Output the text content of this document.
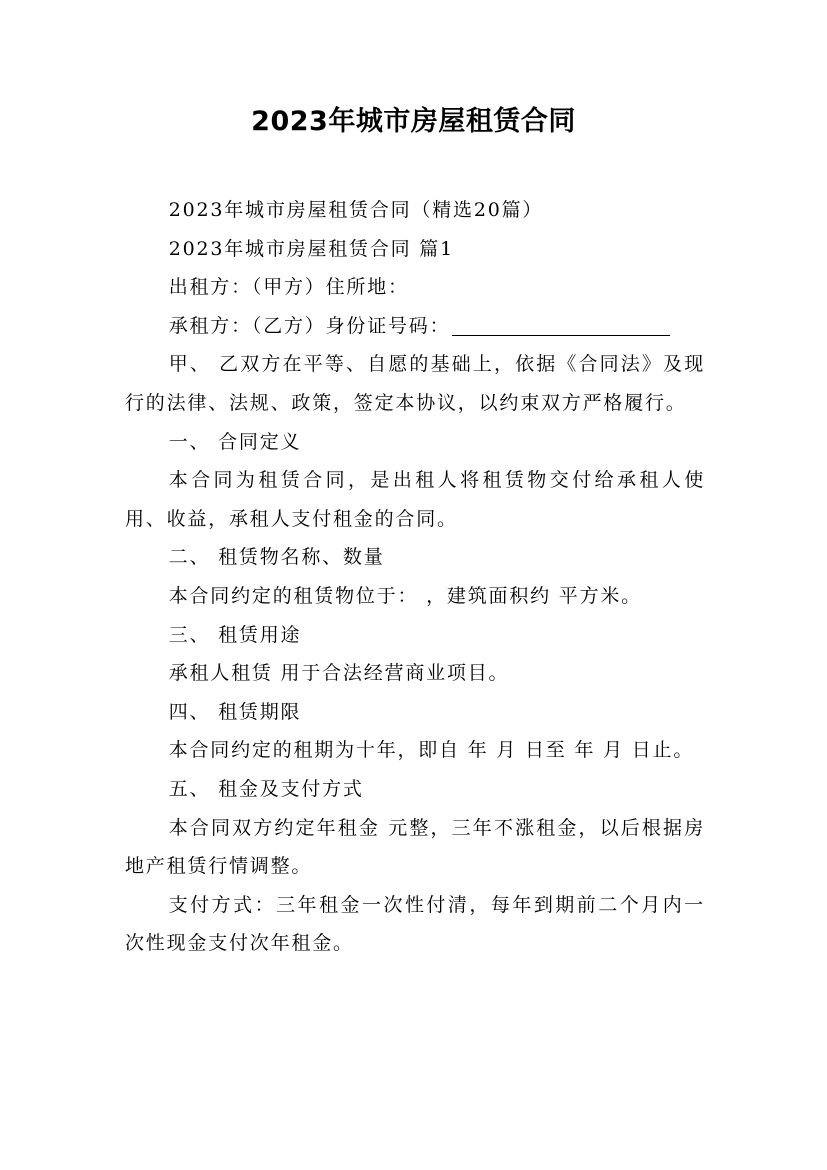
2023年城市房屋租赁合同

2023年城市房屋租赁合同（精选20篇）

2023年城市房屋租赁合同 篇1

出租方：（甲方）住所地：

承租方：（乙方）身份证号码：

甲、 乙双方在平等、自愿的基础上，依据《合同法》及现行的法律、法规、政策，签定本协议，以约束双方严格履行。

一、 合同定义

本合同为租赁合同，是出租人将租赁物交付给承租人使用、收益，承租人支付租金的合同。

二、 租赁物名称、数量

本合同约定的租赁物位于： ，建筑面积约 平方米。

三、 租赁用途

承租人租赁 用于合法经营商业项目。

四、 租赁期限

本合同约定的租期为十年，即自 年 月 日至 年 月 日止。

五、 租金及支付方式

本合同双方约定年租金 元整，三年不涨租金，以后根据房地产租赁行情调整。

支付方式：三年租金一次性付清，每年到期前二个月内一次性现金支付次年租金。
